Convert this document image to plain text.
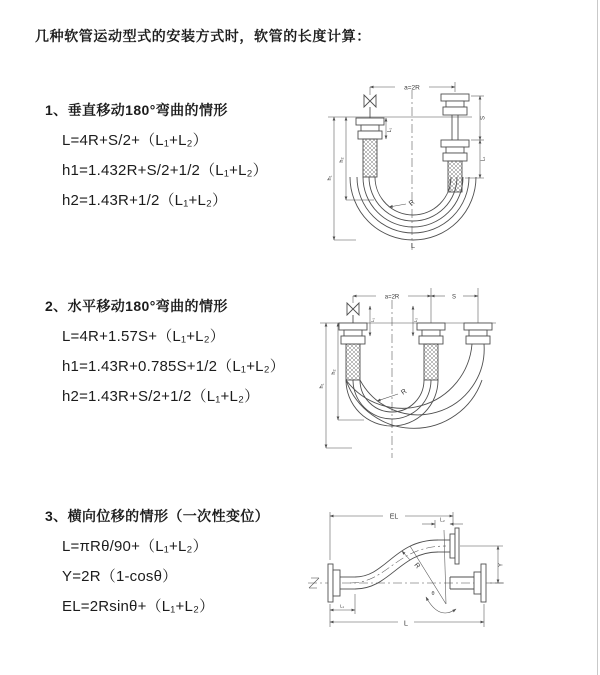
几种软管运动型式的安装方式时，软管的长度计算：
1、垂直移动180°弯曲的情形
L=4R+S/2+（L₁+L₂）
h1=1.432R+S/2+1/2（L₁+L₂）
h2=1.43R+1/2（L₁+L₂）
2、水平移动180°弯曲的情形
L=4R+1.57S+（L₁+L₂）
h1=1.43R+0.785S+1/2（L₁+L₂）
h2=1.43R+S/2+1/2（L₁+L₂）
3、横向位移的情形（一次性变位）
L=πRθ/90+（L₁+L₂）
Y=2R（1-cosθ）
EL=2Rsinθ+（L₁+L₂）
a=2R
L₁
R
h₂
h₁
S
L₂
L
a=2R	S
L₁	L₂
R
h₂
h₁
EL	L₂
θ
R	Y
L₁
L
